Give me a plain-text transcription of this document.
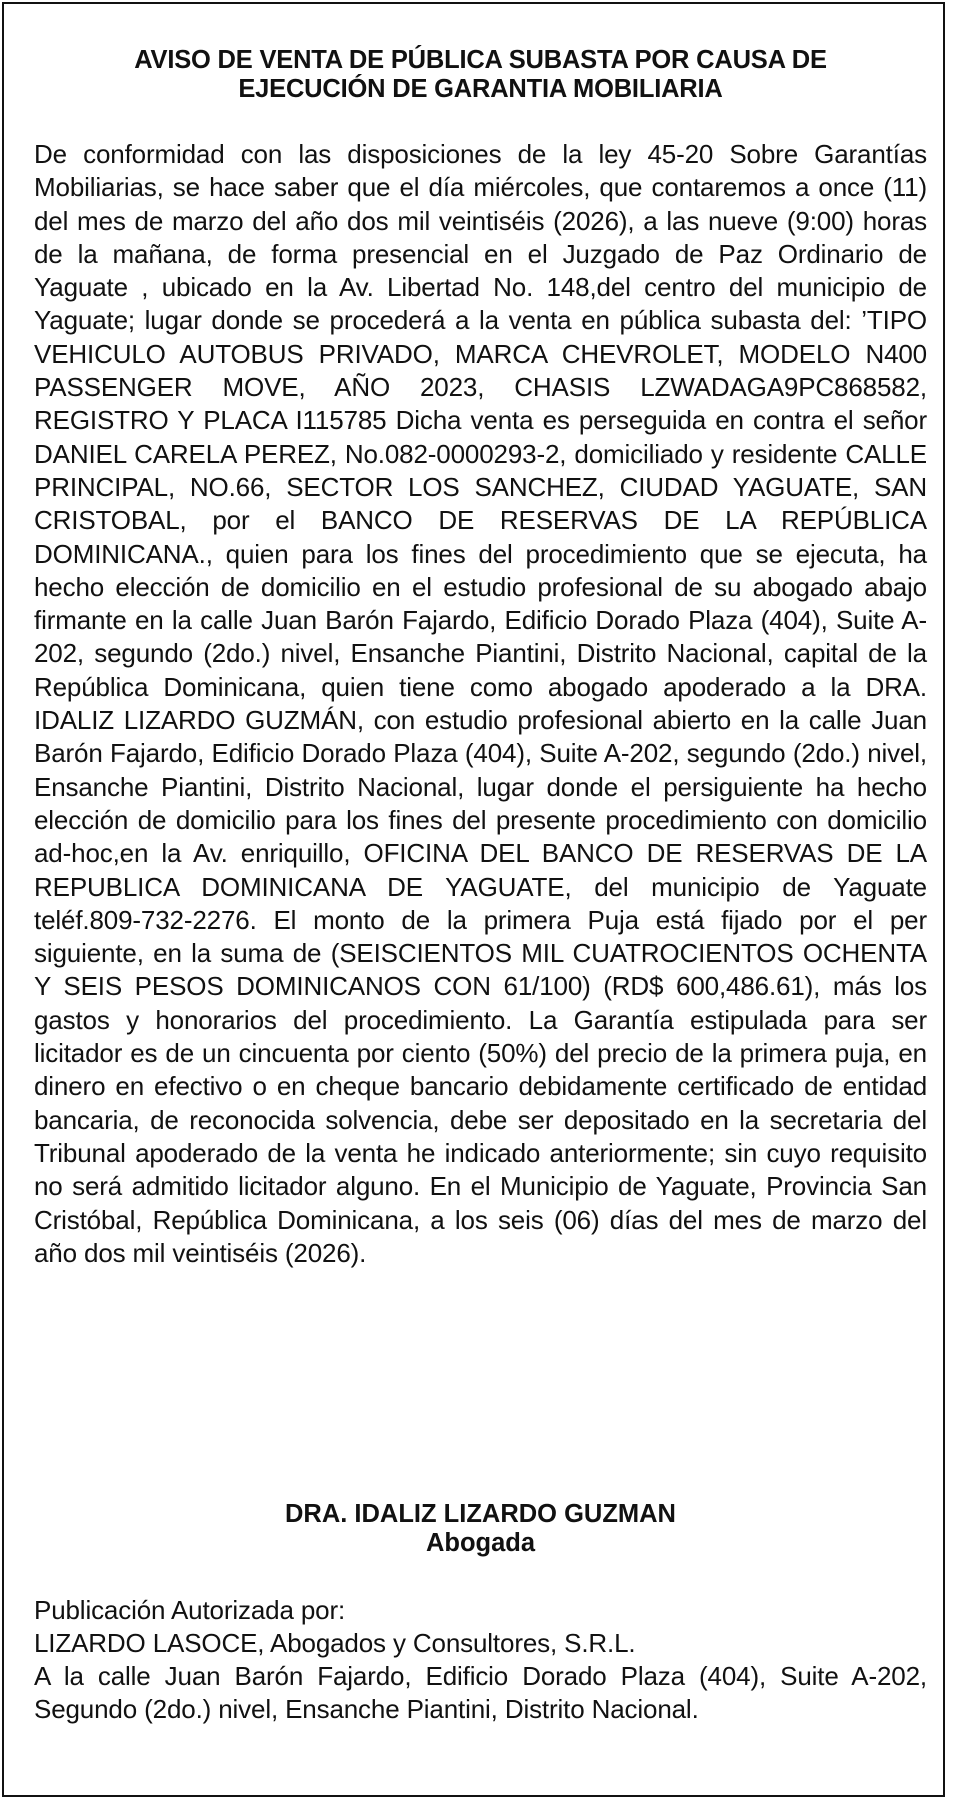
AVISO DE VENTA DE PÚBLICA SUBASTA POR CAUSA DE
EJECUCIÓN DE GARANTIA MOBILIARIA

De conformidad con las disposiciones de la ley 45-20 Sobre Garantías Mobiliarias, se hace saber que el día miércoles, que contaremos a once (11) del mes de marzo del año dos mil veintiséis (2026), a las nueve (9:00) horas de la mañana, de forma presencial en el Juzgado de Paz Ordinario de Yaguate , ubicado en la Av. Libertad No. 148,del centro del municipio de Yaguate; lugar donde se procederá a la venta en pública subasta del: ’TIPO VEHICULO AUTOBUS PRIVADO, MARCA CHEVROLET, MODELO N400 PASSENGER MOVE, AÑO 2023, CHASIS LZWADAGA9PC868582, REGISTRO Y PLACA I115785 Dicha venta es perseguida en contra el señor DANIEL CARELA PEREZ, No.082-0000293-2, domiciliado y residente CALLE PRINCIPAL, NO.66, SECTOR LOS SANCHEZ, CIUDAD YAGUATE, SAN CRISTOBAL, por el BANCO DE RESERVAS DE LA REPÚBLICA DOMINICANA., quien para los fines del procedimiento que se ejecuta, ha hecho elección de domicilio en el estudio profesional de su abogado abajo firmante en la calle Juan Barón Fajardo, Edificio Dorado Plaza (404), Suite A-202, segundo (2do.) nivel, Ensanche Piantini, Distrito Nacional, capital de la República Dominicana, quien tiene como abogado apoderado a la DRA. IDALIZ LIZARDO GUZMÁN, con estudio profesional abierto en la calle Juan Barón Fajardo, Edificio Dorado Plaza (404), Suite A-202, segundo (2do.) nivel, Ensanche Piantini, Distrito Nacional, lugar donde el persiguiente ha hecho elección de domicilio para los fines del presente procedimiento con domicilio ad-hoc,en la Av. enriquillo, OFICINA DEL BANCO DE RESERVAS DE LA REPUBLICA DOMINICANA DE YAGUATE, del municipio de Yaguate teléf.809-732-2276. El monto de la primera Puja está fijado por el per siguiente, en la suma de (SEISCIENTOS MIL CUATROCIENTOS OCHENTA Y SEIS PESOS DOMINICANOS CON 61/100) (RD$ 600,486.61), más los gastos y honorarios del procedimiento. La Garantía estipulada para ser licitador es de un cincuenta por ciento (50%) del precio de la primera puja, en dinero en efectivo o en cheque bancario debidamente certificado de entidad bancaria, de reconocida solvencia, debe ser depositado en la secretaria del Tribunal apoderado de la venta he indicado anteriormente; sin cuyo requisito no será admitido licitador alguno. En el Municipio de Yaguate, Provincia San Cristóbal, República Dominicana, a los seis (06) días del mes de marzo del año dos mil veintiséis (2026).

DRA. IDALIZ LIZARDO GUZMAN
Abogada
Publicación Autorizada por:
LIZARDO LASOCE, Abogados y Consultores, S.R.L.
A la calle Juan Barón Fajardo, Edificio Dorado Plaza (404), Suite A-202, Segundo (2do.) nivel, Ensanche Piantini, Distrito Nacional.
